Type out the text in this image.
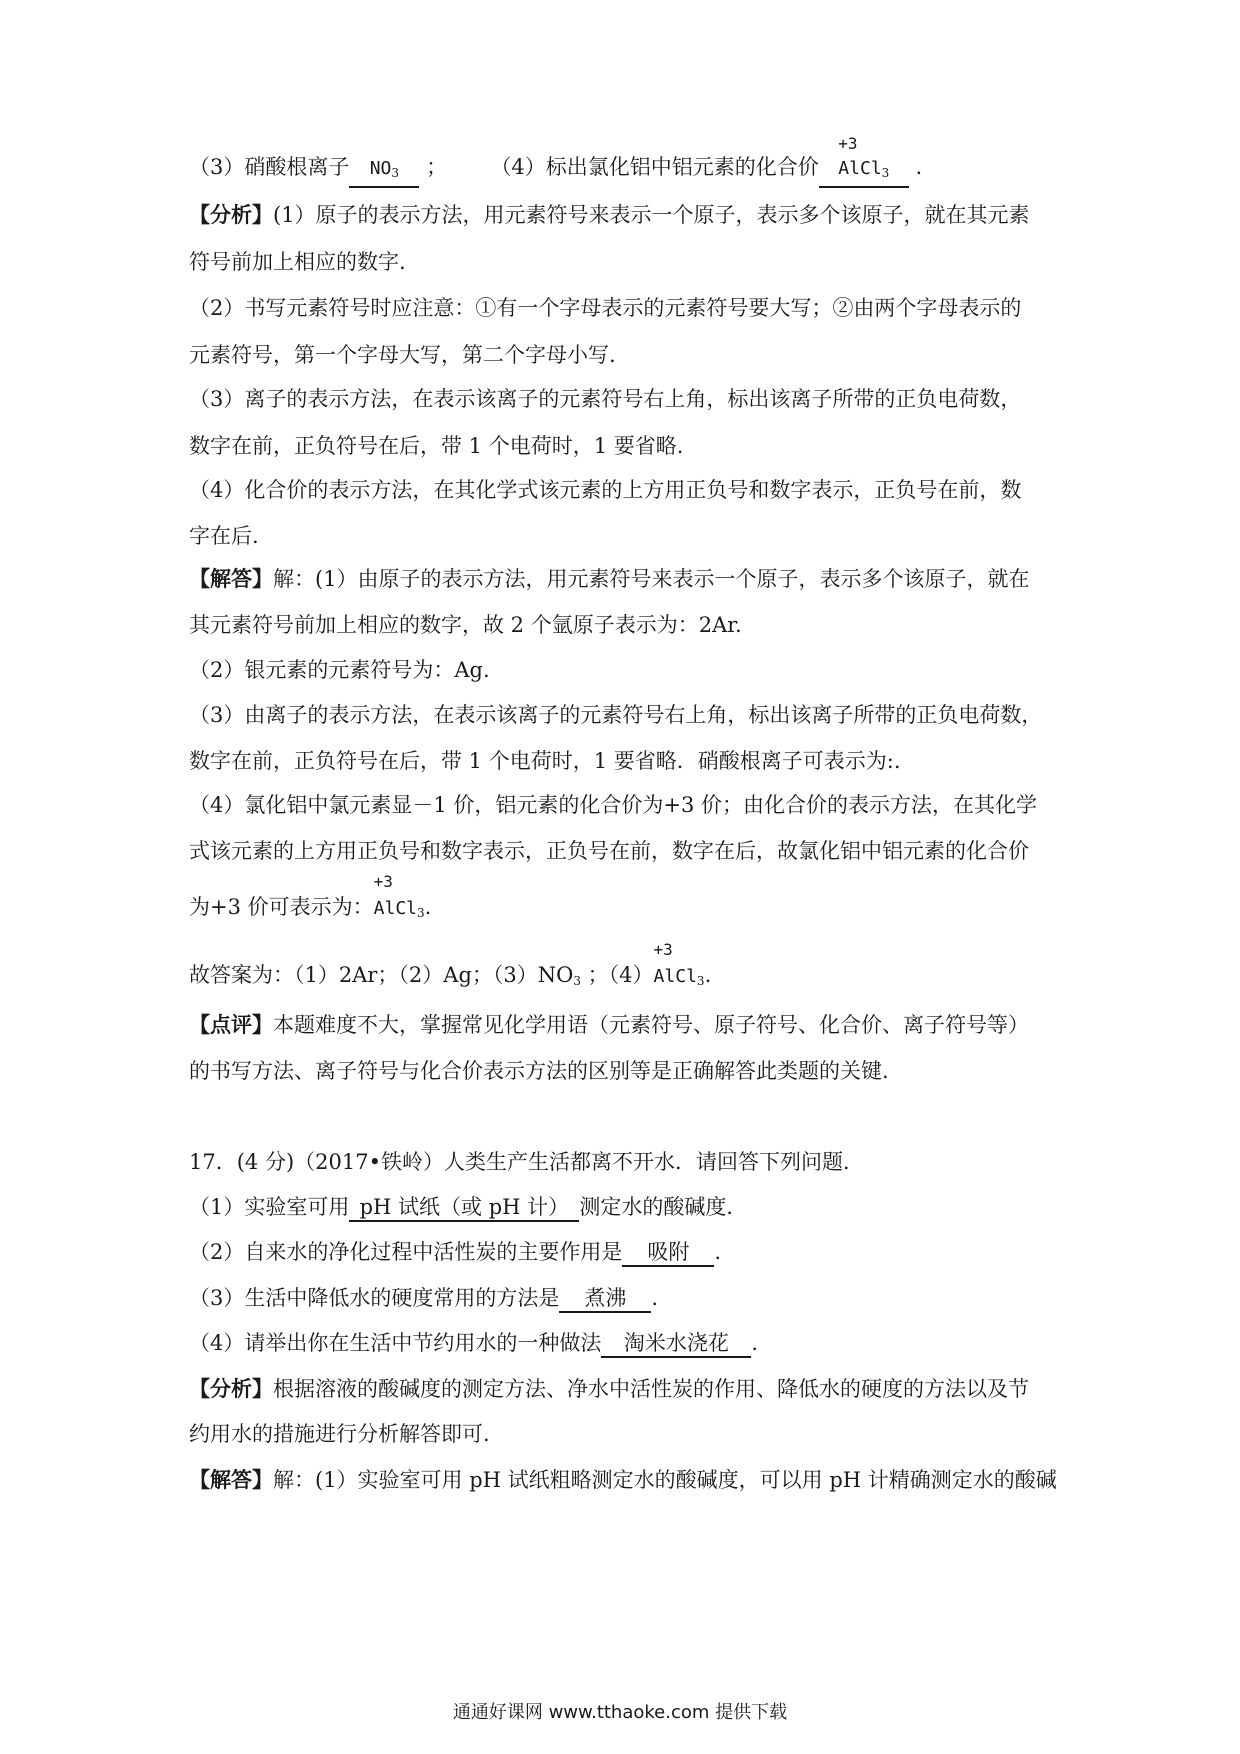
（3）硝酸根离子 $NO_3$ ； （4）标出氯化铝中铝元素的化合价
+3
AlCl$_3$ .
【分析】(1）原子的表示方法，用元素符号来表示一个原子，表示多个该原子，就在其元素
符号前加上相应的数字.
（2）书写元素符号时应注意：①有一个字母表示的元素符号要大写；②由两个字母表示的
元素符号，第一个字母大写，第二个字母小写.
（3）离子的表示方法，在表示该离子的元素符号右上角，标出该离子所带的正负电荷数，
数字在前，正负符号在后，带 1 个电荷时，1 要省略.
（4）化合价的表示方法，在其化学式该元素的上方用正负号和数字表示，正负号在前，数
字在后.
【解答】解：(1）由原子的表示方法，用元素符号来表示一个原子，表示多个该原子，就在
其元素符号前加上相应的数字，故 2 个氩原子表示为：2Ar.
（2）银元素的元素符号为：Ag.
（3）由离子的表示方法，在表示该离子的元素符号右上角，标出该离子所带的正负电荷数，
数字在前，正负符号在后，带 1 个电荷时，1 要省略．硝酸根离子可表示为:.
（4）氯化铝中氯元素显－1 价，铝元素的化合价为+3 价；由化合价的表示方法，在其化学
式该元素的上方用正负号和数字表示，正负号在前，数字在后，故氯化铝中铝元素的化合价
为+3 价可表示为：
+3
AlCl$_3$.
故答案为：（1）2Ar；（2）Ag；$(3)NO_3$ ；（4）
+3
AlCl$_3$.
【点评】本题难度不大，掌握常见化学用语（元素符号、原子符号、化合价、离子符号等）
的书写方法、离子符号与化合价表示方法的区别等是正确解答此类题的关键.
17．(4 分)（2017•铁岭）人类生产生活都离不开水．请回答下列问题．
（1）实验室可用 pH 试纸（或 pH 计） 测定水的酸碱度．
（2）自来水的净化过程中活性炭的主要作用是 吸附 .
（3）生活中降低水的硬度常用的方法是 煮沸 .
（4）请举出你在生活中节约用水的一种做法 淘米水浇花 .
【分析】根据溶液的酸碱度的测定方法、净水中活性炭的作用、降低水的硬度的方法以及节
约用水的措施进行分析解答即可.
【解答】解：(1）实验室可用 pH 试纸粗略测定水的酸碱度，可以用 pH 计精确测定水的酸碱
通通好课网 www.tthaoke.com 提供下载
